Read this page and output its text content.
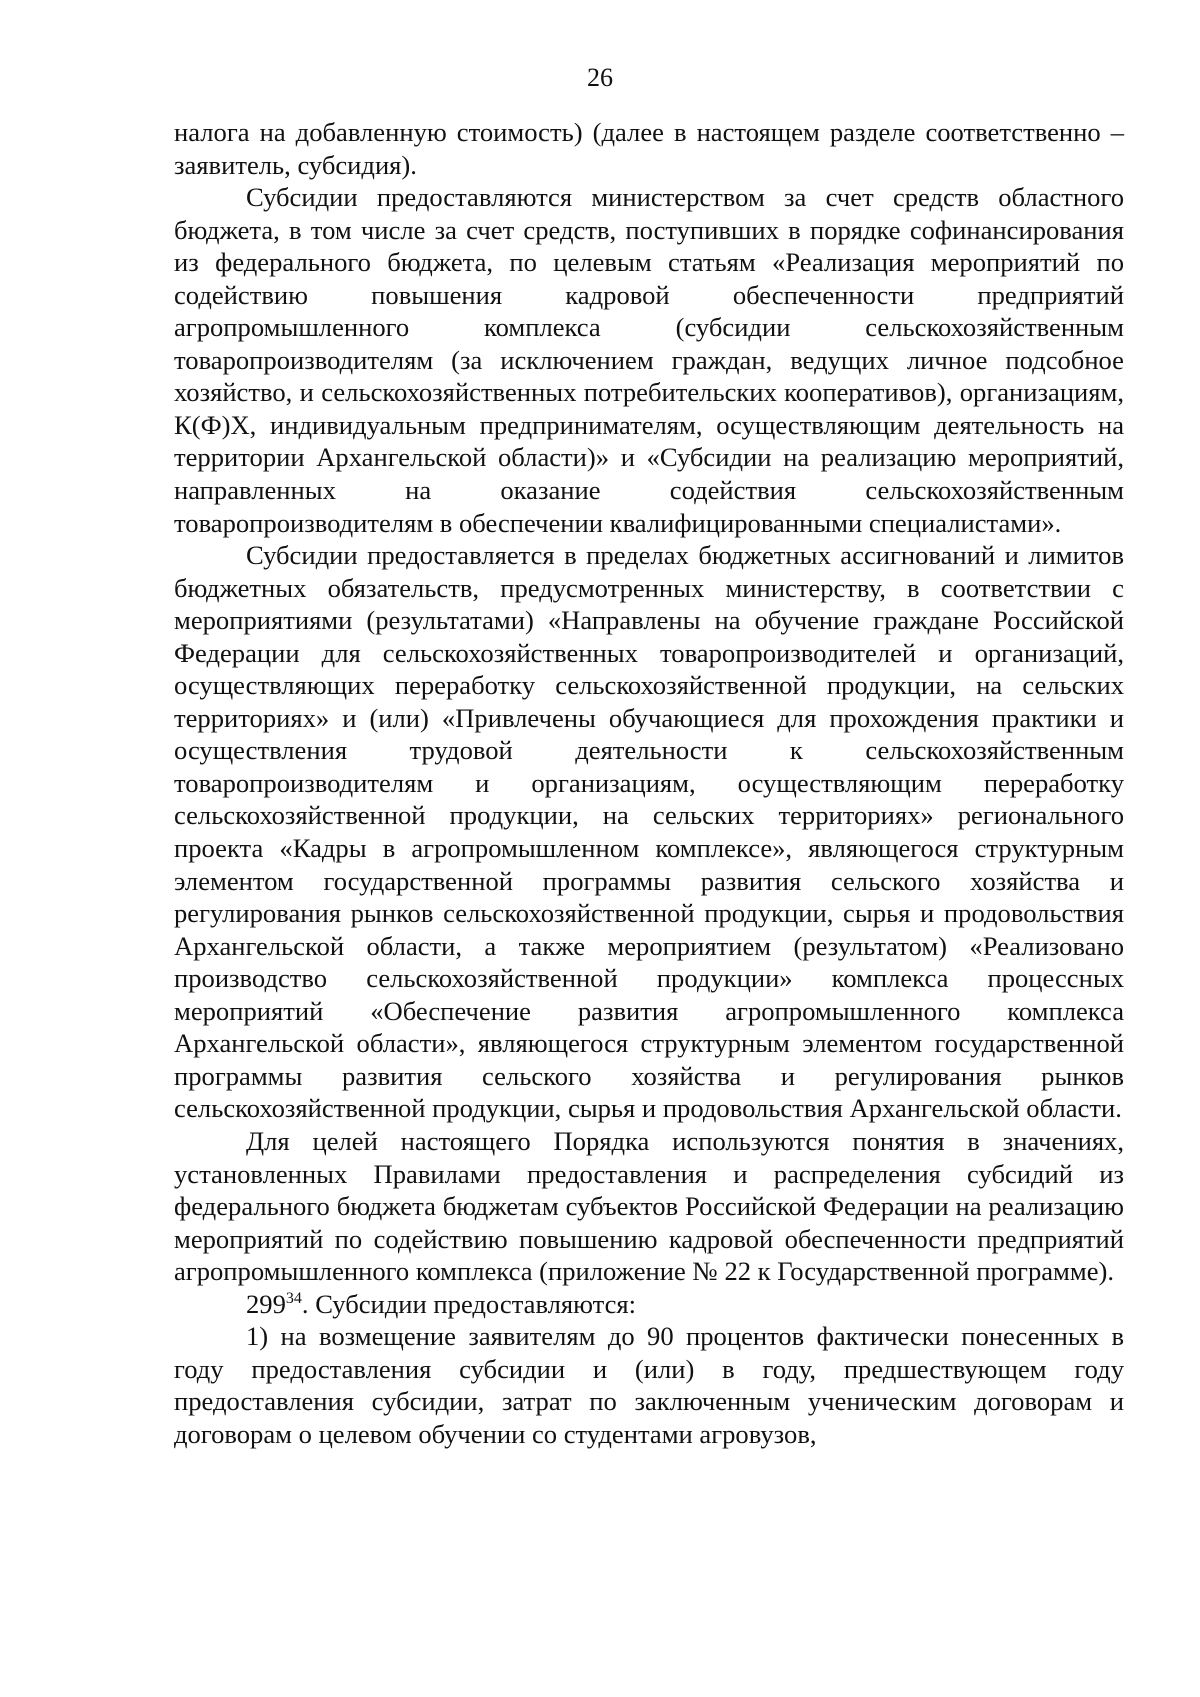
26

налога на добавленную стоимость) (далее в настоящем разделе соответственно – заявитель, субсидия).

Субсидии предоставляются министерством за счет средств областного бюджета, в том числе за счет средств, поступивших в порядке софинансирования из федерального бюджета, по целевым статьям «Реализация мероприятий по содействию повышения кадровой обеспеченности предприятий агропромышленного комплекса (субсидии сельскохозяйственным товаропроизводителям (за исключением граждан, ведущих личное подсобное хозяйство, и сельскохозяйственных потребительских кооперативов), организациям, К(Ф)Х, индивидуальным предпринимателям, осуществляющим деятельность на территории Архангельской области)» и «Субсидии на реализацию мероприятий, направленных на оказание содействия сельскохозяйственным товаропроизводителям в обеспечении квалифицированными специалистами».

Субсидии предоставляется в пределах бюджетных ассигнований и лимитов бюджетных обязательств, предусмотренных министерству, в соответствии с мероприятиями (результатами) «Направлены на обучение граждане Российской Федерации для сельскохозяйственных товаропроизводителей и организаций, осуществляющих переработку сельскохозяйственной продукции, на сельских территориях» и (или) «Привлечены обучающиеся для прохождения практики и осуществления трудовой деятельности к сельскохозяйственным товаропроизводителям и организациям, осуществляющим переработку сельскохозяйственной продукции, на сельских территориях» регионального проекта «Кадры в агропромышленном комплексе», являющегося структурным элементом государственной программы развития сельского хозяйства и регулирования рынков сельскохозяйственной продукции, сырья и продовольствия Архангельской области, а также мероприятием (результатом) «Реализовано производство сельскохозяйственной продукции» комплекса процессных мероприятий «Обеспечение развития агропромышленного комплекса Архангельской области», являющегося структурным элементом государственной программы развития сельского хозяйства и регулирования рынков сельскохозяйственной продукции, сырья и продовольствия Архангельской области.

Для целей настоящего Порядка используются понятия в значениях, установленных Правилами предоставления и распределения субсидий из федерального бюджета бюджетам субъектов Российской Федерации на реализацию мероприятий по содействию повышению кадровой обеспеченности предприятий агропромышленного комплекса (приложение № 22 к Государственной программе).

$299^{34}$. Субсидии предоставляются:

1) на возмещение заявителям до 90 процентов фактически понесенных в году предоставления субсидии и (или) в году, предшествующем году предоставления субсидии, затрат по заключенным ученическим договорам и договорам о целевом обучении со студентами агровузов,
